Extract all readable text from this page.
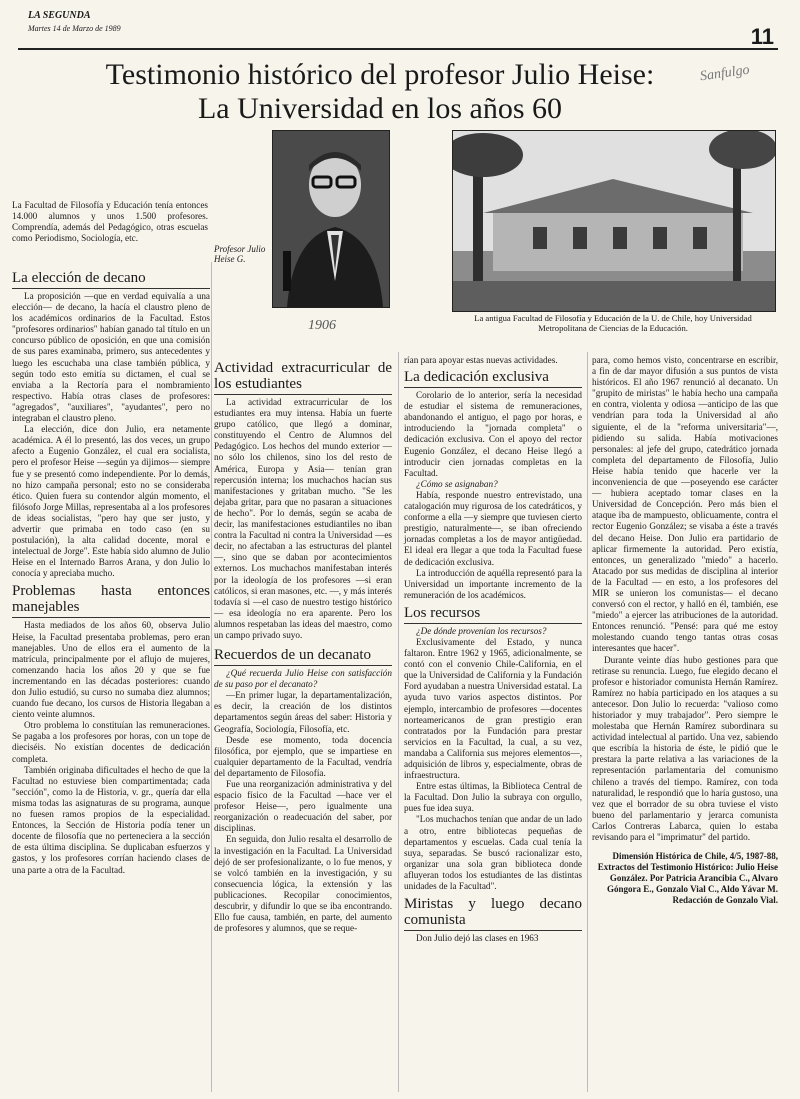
LA SEGUNDA
Martes 14 de Marzo de 1989	11
Testimonio histórico del profesor Julio Heise:
La Universidad en los años 60
Sanfulgo
La Facultad de Filosofía y Educación tenía entonces 14.000 alumnos y unos 1.500 profesores. Comprendía, además del Pedagógico, otras escuelas como Periodismo, Sociología, etc.
Profesor Julio Heise G.
La antigua Facultad de Filosofía y Educación de la U. de Chile, hoy Universidad Metropolitana de Ciencias de la Educación.
1906
La elección de decano

La proposición —que en verdad equivalía a una elección— de decano, la hacía el claustro pleno de los académicos ordinarios de la Facultad. Estos "profesores ordinarios" habían ganado tal título en un concurso público de oposición, en que una comisión de sus pares examinaba, primero, sus antecedentes y luego les escuchaba una clase también pública, y según todo esto emitía su dictamen, el cual se enviaba a la Rectoría para el nombramiento respectivo. Había otras clases de profesores: "agregados", "auxiliares", "ayudantes", pero no integraban el claustro pleno.

La elección, dice don Julio, era netamente académica. A él lo presentó, las dos veces, un grupo afecto a Eugenio González, el cual era socialista, pero el profesor Heise —según ya dijimos— siempre fue y se presentó como independiente. Por lo demás, no hizo campaña personal; esto no se consideraba ético. Quien fuera su contendor algún momento, el filósofo Jorge Millas, representaba al a los profesores de ideas socialistas, "pero hay que ser justo, y advertir que primaba en todo caso (en su postulación), la alta calidad docente, moral e intelectual de Jorge". Este había sido alumno de Julio Heise en el Internado Barros Arana, y don Julio lo conocía y apreciaba mucho.

Problemas hasta entonces manejables

Hasta mediados de los años 60, observa Julio Heise, la Facultad presentaba problemas, pero eran manejables. Uno de ellos era el aumento de la matrícula, principalmente por el aflujo de mujeres, comenzando hacia los años 20 y que se fue incrementando en las décadas posteriores: cuando don Julio estudió, su curso no sumaba diez alumnos; cuando fue decano, los cursos de Historia llegaban a ciento veinte alumnos.

Otro problema lo constituían las remuneraciones. Se pagaba a los profesores por horas, con un tope de dieciséis. No existían docentes de dedicación completa.

También originaba dificultades el hecho de que la Facultad no estuviese bien compartimentada; cada "sección", como la de Historia, v. gr., quería dar ella misma todas las asignaturas de su programa, aunque no fuesen ramos propios de la especialidad. Entonces, la Sección de Historia podía tener un docente de filosofía que no perteneciera a la sección de esta última disciplina. Se duplicaban esfuerzos y gastos, y los profesores corrían haciendo clases de una parte a otra de la Facultad.

Actividad extracurricular de los estudiantes

La actividad extracurricular de los estudiantes era muy intensa. Había un fuerte grupo católico, que llegó a dominar, constituyendo el Centro de Alumnos del Pedagógico. Los hechos del mundo exterior —no sólo los chilenos, sino los del resto de América, Europa y Asia— tenían gran repercusión interna; los muchachos hacían sus manifestaciones y gritaban mucho. "Se les dejaba gritar, para que no pasaran a situaciones de hecho". Por lo demás, según se acaba de decir, las manifestaciones estudiantiles no iban contra la Facultad ni contra la Universidad —es decir, no afectaban a las estructuras del plantel—, sino que se daban por acontecimientos externos. Los muchachos manifestaban interés por la ideología de los profesores —si eran católicos, si eran masones, etc. —, y más interés todavía si —el caso de nuestro testigo histórico— esa ideología no era aparente. Pero los alumnos respetaban las ideas del maestro, como un campo privado suyo.

Recuerdos de un decanato

¿Qué recuerda Julio Heise con satisfacción de su paso por el decanato?

—En primer lugar, la departamentalización, es decir, la creación de los distintos departamentos según áreas del saber: Historia y Geografía, Sociología, Filosofía, etc.

Desde ese momento, toda docencia filosófica, por ejemplo, que se impartiese en cualquier departamento de la Facultad, vendría del departamento de Filosofía.

Fue una reorganización administrativa y del espacio físico de la Facultad —hace ver el profesor Heise—, pero igualmente una reorganización o readecuación del saber, por disciplinas.

En seguida, don Julio resalta el desarrollo de la investigación en la Facultad. La Universidad dejó de ser profesionalizante, o lo fue menos, y se volcó también en la investigación, y su consecuencia lógica, la extensión y las publicaciones. Recopilar conocimientos, descubrir, y difundir lo que se iba encontrando. Ello fue causa, también, en parte, del aumento de profesores y alumnos, que se reque-

rían para apoyar estas nuevas actividades.

La dedicación exclusiva

Corolario de lo anterior, sería la necesidad de estudiar el sistema de remuneraciones, abandonando el antiguo, el pago por horas, e introduciendo la "jornada completa" o dedicación exclusiva. Con el apoyo del rector Eugenio González, el decano Heise llegó a introducir cien jornadas completas en la Facultad.

¿Cómo se asignaban?

Había, responde nuestro entrevistado, una catalogación muy rigurosa de los catedráticos, y conforme a ella —y siempre que tuviesen cierto prestigio, naturalmente—, se iban ofreciendo jornadas completas a los de mayor antigüedad. El ideal era llegar a que toda la Facultad fuese de dedicación exclusiva.

La introducción de aquélla representó para la Universidad un importante incremento de la remuneración de los académicos.

Los recursos

¿De dónde provenían los recursos?

Exclusivamente del Estado, y nunca faltaron. Entre 1962 y 1965, adicionalmente, se contó con el convenio Chile-California, en el que la Universidad de California y la Fundación Ford ayudaban a nuestra Universidad estatal. La ayuda tuvo varios aspectos distintos. Por ejemplo, intercambio de profesores —docentes norteamericanos de gran prestigio eran contratados por la Fundación para prestar servicios en la Facultad, la cual, a su vez, mandaba a California sus mejores elementos—, adquisición de libros y, especialmente, obras de infraestructura.

Entre estas últimas, la Biblioteca Central de la Facultad. Don Julio la subraya con orgullo, pues fue idea suya.

"Los muchachos tenían que andar de un lado a otro, entre bibliotecas pequeñas de departamentos y escuelas. Cada cual tenía la suya, separadas. Se buscó racionalizar esto, organizar una sola gran biblioteca donde afluyeran todos los estudiantes de las distintas unidades de la Facultad".

Miristas y luego decano comunista

Don Julio dejó las clases en 1963

para, como hemos visto, concentrarse en escribir, a fin de dar mayor difusión a sus puntos de vista históricos. El año 1967 renunció al decanato. Un "grupito de miristas" le había hecho una campaña en contra, violenta y odiosa —anticipo de las que vendrían para toda la Universidad al año siguiente, el de la "reforma universitaria"—, pidiendo su salida. Había motivaciones personales: al jefe del grupo, catedrático jornada completa del departamento de Filosofía, Julio Heise había tenido que hacerle ver la inconveniencia de que —poseyendo ese carácter— hubiera aceptado tomar clases en la Universidad de Concepción. Pero más bien el ataque iba de mampuesto, oblicuamente, contra el rector Eugenio González; se visaba a éste a través del decano Heise. Don Julio era partidario de aplicar firmemente la autoridad. Pero existía, entonces, un generalizado "miedo" a hacerlo. Atacado por sus medidas de disciplina al interior de la Facultad — en esto, a los profesores del MIR se unieron los comunistas— el decano conversó con el rector, y halló en él, también, ese "miedo" a ejercer las atribuciones de la autoridad. Entonces renunció. "Pensé: para qué me estoy molestando cuando tengo tantas otras cosas interesantes que hacer".

Durante veinte días hubo gestiones para que retirase su renuncia. Luego, fue elegido decano el profesor e historiador comunista Hernán Ramírez. Ramírez no había participado en los ataques a su antecesor. Don Julio lo recuerda: "valioso como historiador y muy trabajador". Pero siempre le molestaba que Hernán Ramírez subordinara su actividad intelectual al partido. Una vez, sabiendo que escribía la historia de éste, le pidió que le prestara la parte relativa a las variaciones de la representación parlamentaria del comunismo chileno a través del tiempo. Ramírez, con toda naturalidad, le respondió que lo haría gustoso, una vez que el borrador de su obra tuviese el visto bueno del parlamentario y jerarca comunista Carlos Contreras Labarca, quien lo estaba revisando para el "imprimatur" del partido.

Dimensión Histórica de Chile, 4/5, 1987-88, Extractos del Testimonio Histórico: Julio Heise González. Por Patricia Arancibia C., Alvaro Góngora E., Gonzalo Vial C., Aldo Yávar M.
Redacción de Gonzalo Vial.
